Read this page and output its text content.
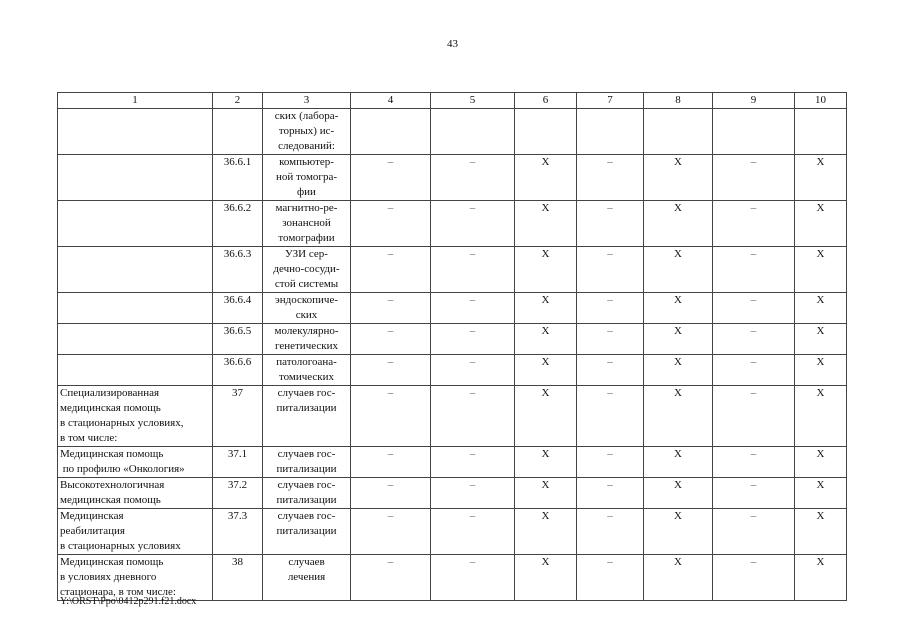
43
1	2	3	4	5	6	7	8	9	10
		ских (лабора-
торных) ис-
следований:							
	36.6.1	компьютер-
ной томогра-
фии	–	–	X	–	X	–	X
	36.6.2	магнитно-ре-
зонансной
томографии	–	–	X	–	X	–	X
	36.6.3	УЗИ сер-
дечно-сосуди-
стой системы	–	–	X	–	X	–	X
	36.6.4	эндоскопиче-
ских	–	–	X	–	X	–	X
	36.6.5	молекулярно-
генетических	–	–	X	–	X	–	X
	36.6.6	патологоана-
томических	–	–	X	–	X	–	X
Специализированная
медицинская помощь
в стационарных условиях,
в том числе:	37	случаев гос-
питализации	–	–	X	–	X	–	X
Медицинская помощь
по профилю «Онкология»	37.1	случаев гос-
питализации	–	–	X	–	X	–	X
Высокотехнологичная
медицинская помощь	37.2	случаев гос-
питализации	–	–	X	–	X	–	X
Медицинская
реабилитация
в стационарных условиях	37.3	случаев гос-
питализации	–	–	X	–	X	–	X
Медицинская помощь
в условиях дневного
стационара, в том числе:	38	случаев
лечения	–	–	X	–	X	–	X
Y:\ORST\Ppo\0412p291.f21.docx
